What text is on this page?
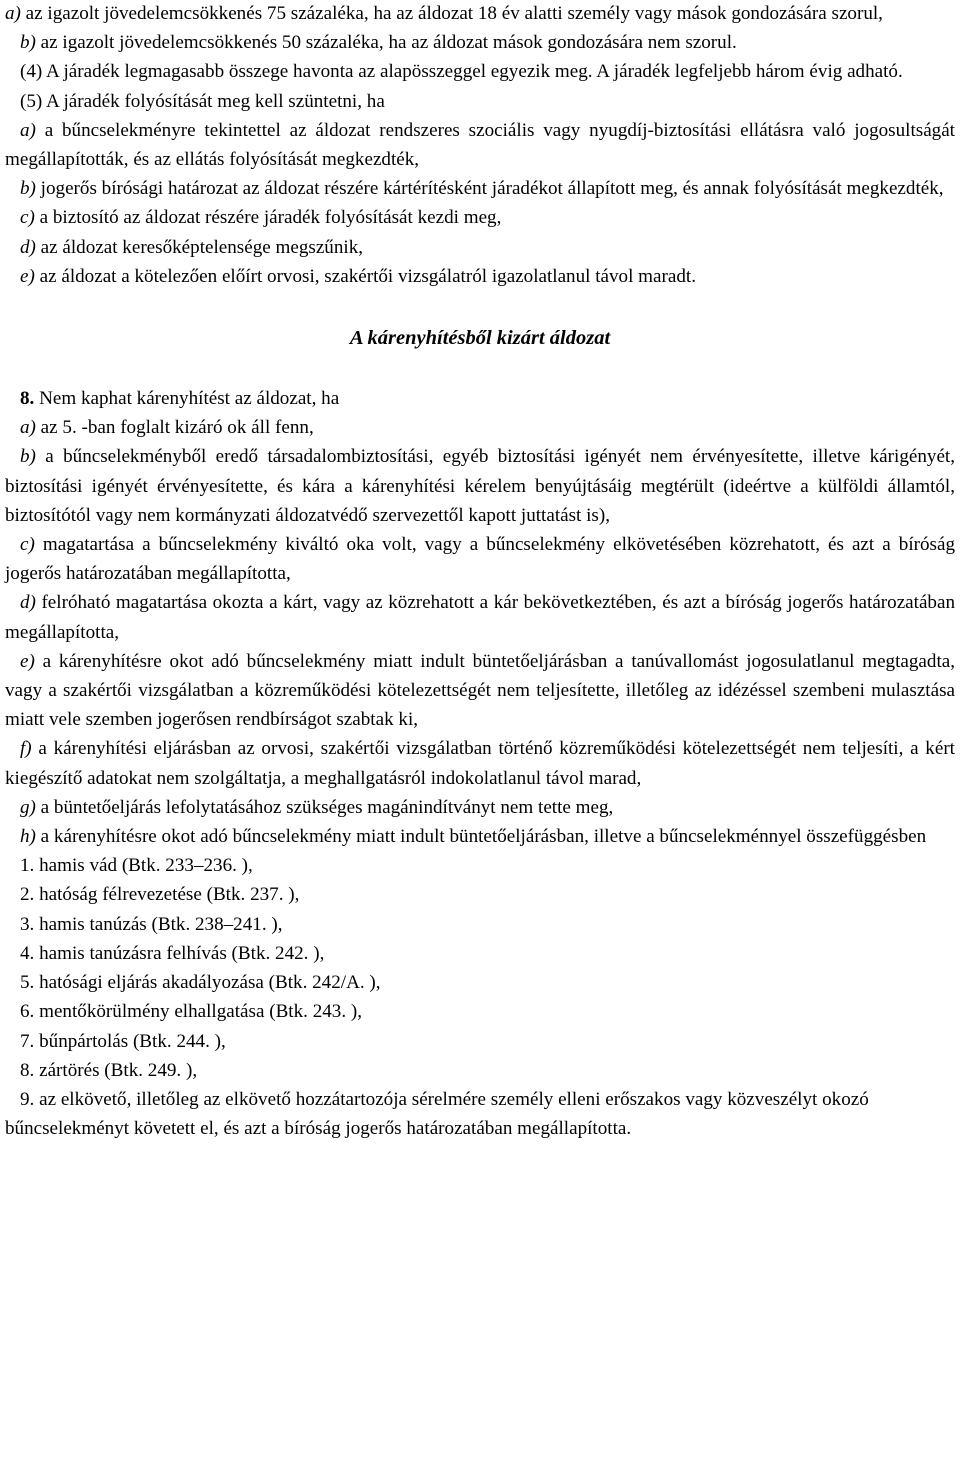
a) az igazolt jövedelemcsökkenés 75 százaléka, ha az áldozat 18 év alatti személy vagy mások gondozására szorul,

b) az igazolt jövedelemcsökkenés 50 százaléka, ha az áldozat mások gondozására nem szorul.

(4) A járadék legmagasabb összege havonta az alapösszeggel egyezik meg. A járadék legfeljebb három évig adható.

(5) A járadék folyósítását meg kell szüntetni, ha

a) a bűncselekményre tekintettel az áldozat rendszeres szociális vagy nyugdíj-biztosítási ellátásra való jogosultságát megállapították, és az ellátás folyósítását megkezdték,

b) jogerős bírósági határozat az áldozat részére kártérítésként járadékot állapított meg, és annak folyósítását megkezdték,

c) a biztosító az áldozat részére járadék folyósítását kezdi meg,

d) az áldozat keresőképtelensége megszűnik,

e) az áldozat a kötelezően előírt orvosi, szakértői vizsgálatról igazolatlanul távol maradt.

A kárenyhítésből kizárt áldozat

8. Nem kaphat kárenyhítést az áldozat, ha

a) az 5. -ban foglalt kizáró ok áll fenn,

b) a bűncselekményből eredő társadalombiztosítási, egyéb biztosítási igényét nem érvényesítette, illetve kárigényét, biztosítási igényét érvényesítette, és kára a kárenyhítési kérelem benyújtásáig megtérült (ideértve a külföldi államtól, biztosítótól vagy nem kormányzati áldozatvédő szervezettől kapott juttatást is),

c) magatartása a bűncselekmény kiváltó oka volt, vagy a bűncselekmény elkövetésében közrehatott, és azt a bíróság jogerős határozatában megállapította,

d) felróható magatartása okozta a kárt, vagy az közrehatott a kár bekövetkeztében, és azt a bíróság jogerős határozatában megállapította,

e) a kárenyhítésre okot adó bűncselekmény miatt indult büntetőeljárásban a tanúvallomást jogosulatlanul megtagadta, vagy a szakértői vizsgálatban a közreműködési kötelezettségét nem teljesítette, illetőleg az idézéssel szembeni mulasztása miatt vele szemben jogerősen rendbírságot szabtak ki,

f) a kárenyhítési eljárásban az orvosi, szakértői vizsgálatban történő közreműködési kötelezettségét nem teljesíti, a kért kiegészítő adatokat nem szolgáltatja, a meghallgatásról indokolatlanul távol marad,

g) a büntetőeljárás lefolytatásához szükséges magánindítványt nem tette meg,

h) a kárenyhítésre okot adó bűncselekmény miatt indult büntetőeljárásban, illetve a bűncselekménnyel összefüggésben

1. hamis vád (Btk. 233–236. ),

2. hatóság félrevezetése (Btk. 237. ),

3. hamis tanúzás (Btk. 238–241. ),

4. hamis tanúzásra felhívás (Btk. 242. ),

5. hatósági eljárás akadályozása (Btk. 242/A. ),

6. mentőkörülmény elhallgatása (Btk. 243. ),

7. bűnpártolás (Btk. 244. ),

8. zártörés (Btk. 249. ),

9. az elkövető, illetőleg az elkövető hozzátartozója sérelmére személy elleni erőszakos vagy közveszélyt okozó

bűncselekményt követett el, és azt a bíróság jogerős határozatában megállapította.
